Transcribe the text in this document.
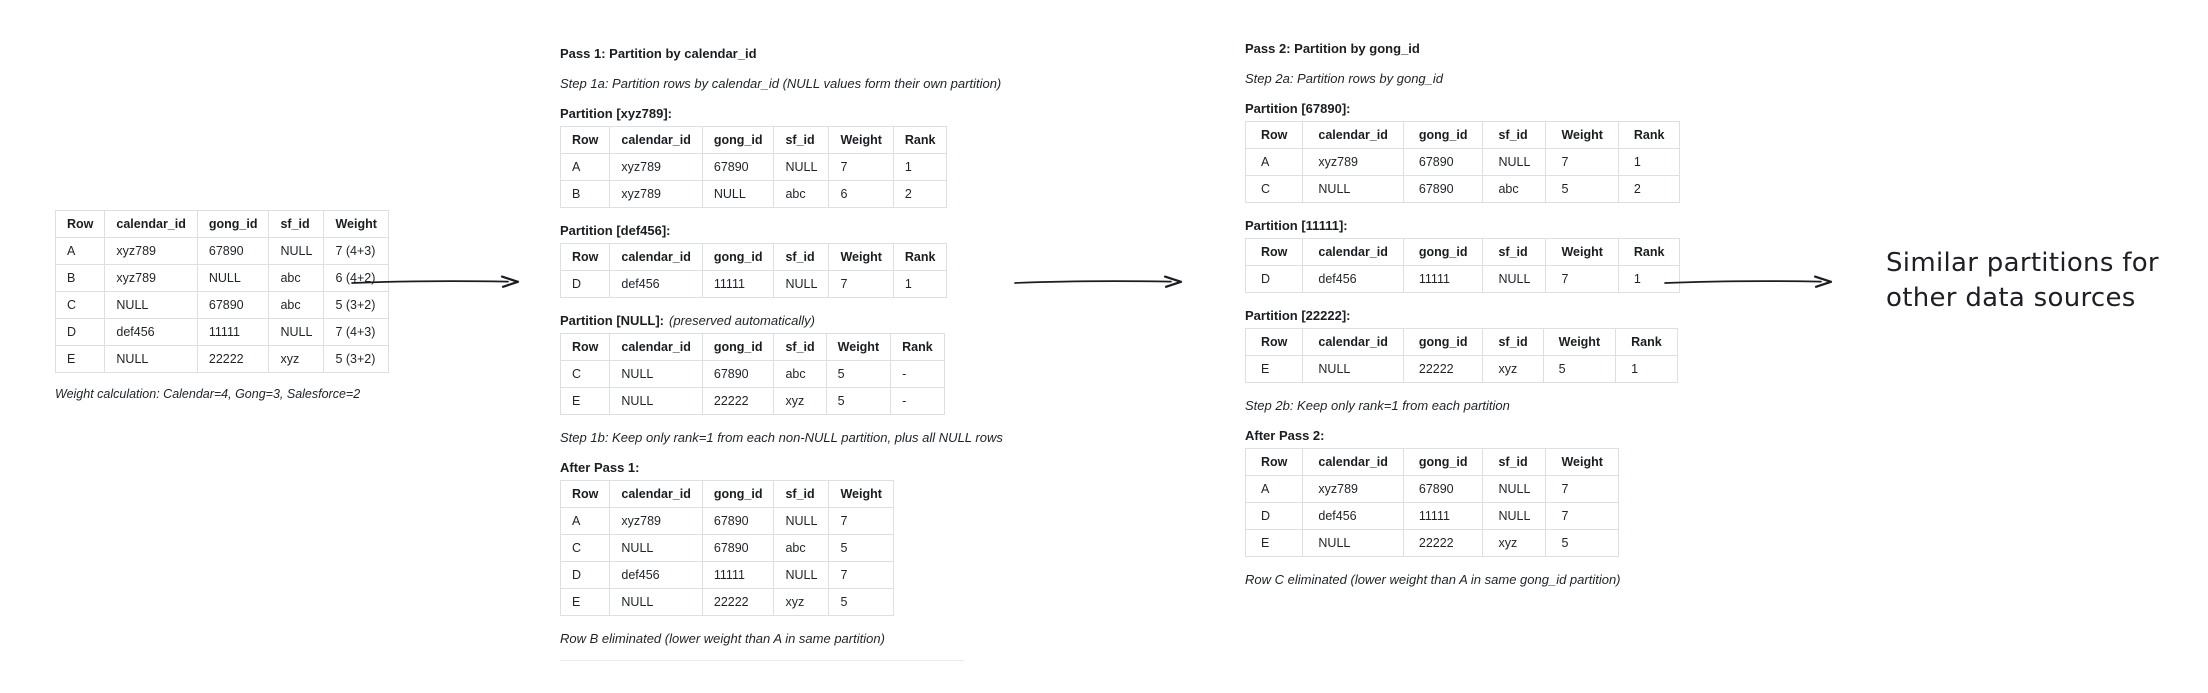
Row	calendar_id	gong_id	sf_id	Weight
A	xyz789	67890	NULL	7 (4+3)
B	xyz789	NULL	abc	6 (4+2)
C	NULL	67890	abc	5 (3+2)
D	def456	11111	NULL	7 (4+3)
E	NULL	22222	xyz	5 (3+2)

Weight calculation: Calendar=4, Gong=3, Salesforce=2

Pass 1: Partition by calendar_id

Step 1a: Partition rows by calendar_id (NULL values form their own partition)

Partition [xyz789]:

Row	calendar_id	gong_id	sf_id	Weight	Rank
A	xyz789	67890	NULL	7	1
B	xyz789	NULL	abc	6	2

Partition [def456]:

Row	calendar_id	gong_id	sf_id	Weight	Rank
D	def456	11111	NULL	7	1

Partition [NULL]: (preserved automatically)

Row	calendar_id	gong_id	sf_id	Weight	Rank
C	NULL	67890	abc	5	-
E	NULL	22222	xyz	5	-

Step 1b: Keep only rank=1 from each non-NULL partition, plus all NULL rows

After Pass 1:

Row	calendar_id	gong_id	sf_id	Weight
A	xyz789	67890	NULL	7
C	NULL	67890	abc	5
D	def456	11111	NULL	7
E	NULL	22222	xyz	5

Row B eliminated (lower weight than A in same partition)

Pass 2: Partition by gong_id

Step 2a: Partition rows by gong_id

Partition [67890]:

Row	calendar_id	gong_id	sf_id	Weight	Rank
A	xyz789	67890	NULL	7	1
C	NULL	67890	abc	5	2

Partition [11111]:

Row	calendar_id	gong_id	sf_id	Weight	Rank
D	def456	11111	NULL	7	1

Partition [22222]:

Row	calendar_id	gong_id	sf_id	Weight	Rank
E	NULL	22222	xyz	5	1

Step 2b: Keep only rank=1 from each partition

After Pass 2:

Row	calendar_id	gong_id	sf_id	Weight
A	xyz789	67890	NULL	7
D	def456	11111	NULL	7
E	NULL	22222	xyz	5

Row C eliminated (lower weight than A in same gong_id partition)

Similar partitions for
other data sources
